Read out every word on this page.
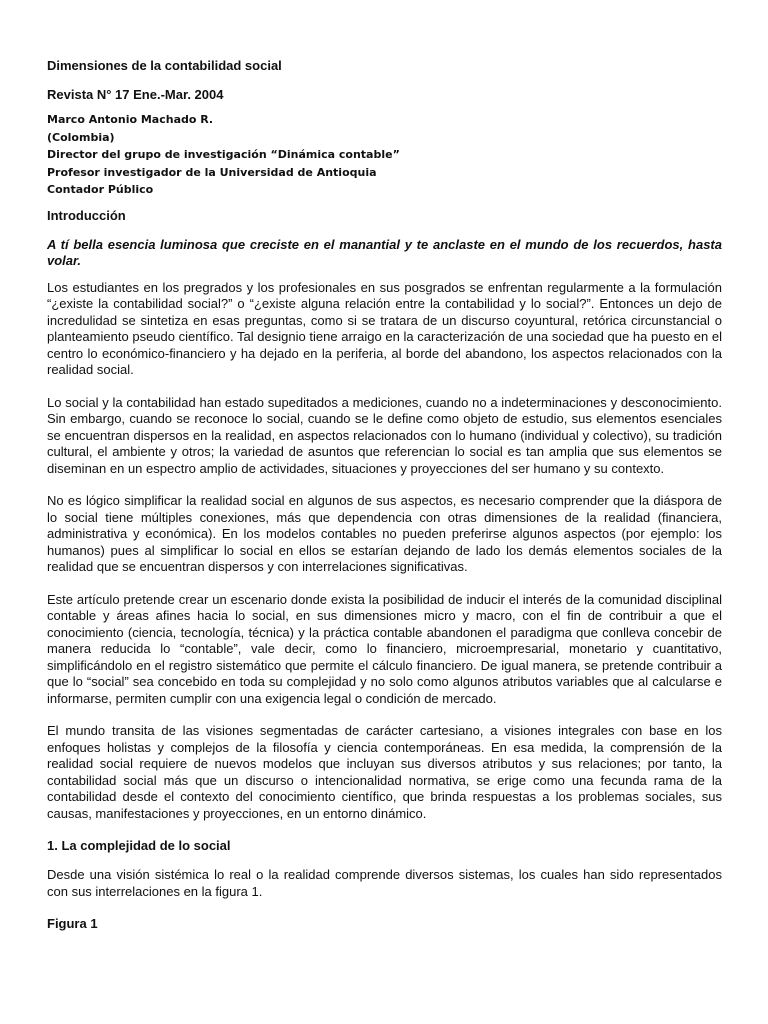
Dimensiones de la contabilidad social

Revista N° 17 Ene.-Mar. 2004

Marco Antonio Machado R.
(Colombia)
Director del grupo de investigación “Dinámica contable”
Profesor investigador de la Universidad de Antioquia
Contador Público

Introducción

A tí bella esencia luminosa que creciste en el manantial y te anclaste en el mundo de los recuerdos, hasta volar.

Los estudiantes en los pregrados y los profesionales en sus posgrados se enfrentan regularmente a la formulación “¿existe la contabilidad social?” o “¿existe alguna relación entre la contabilidad y lo social?”. Entonces un dejo de incredulidad se sintetiza en esas preguntas, como si se tratara de un discurso coyuntural, retórica circunstancial o planteamiento pseudo científico. Tal designio tiene arraigo en la caracterización de una sociedad que ha puesto en el centro lo económico-financiero y ha dejado en la periferia, al borde del abandono, los aspectos relacionados con la realidad social.

Lo social y la contabilidad han estado supeditados a mediciones, cuando no a indeterminaciones y desconocimiento. Sin embargo, cuando se reconoce lo social, cuando se le define como objeto de estudio, sus elementos esenciales se encuentran dispersos en la realidad, en aspectos relacionados con lo humano (individual y colectivo), su tradición cultural, el ambiente y otros; la variedad de asuntos que referencian lo social es tan amplia que sus elementos se diseminan en un espectro amplio de actividades, situaciones y proyecciones del ser humano y su contexto.

No es lógico simplificar la realidad social en algunos de sus aspectos, es necesario comprender que la diáspora de lo social tiene múltiples conexiones, más que dependencia con otras dimensiones de la realidad (financiera, administrativa y económica). En los modelos contables no pueden preferirse algunos aspectos (por ejemplo: los humanos) pues al simplificar lo social en ellos se estarían dejando de lado los demás elementos sociales de la realidad que se encuentran dispersos y con interrelaciones significativas.

Este artículo pretende crear un escenario donde exista la posibilidad de inducir el interés de la comunidad disciplinal contable y áreas afines hacia lo social, en sus dimensiones micro y macro, con el fin de contribuir a que el conocimiento (ciencia, tecnología, técnica) y la práctica contable abandonen el paradigma que conlleva concebir de manera reducida lo “contable”, vale decir, como lo financiero, microempresarial, monetario y cuantitativo, simplificándolo en el registro sistemático que permite el cálculo financiero. De igual manera, se pretende contribuir a que lo “social” sea concebido en toda su complejidad y no solo como algunos atributos variables que al calcularse e informarse, permiten cumplir con una exigencia legal o condición de mercado.

El mundo transita de las visiones segmentadas de carácter cartesiano, a visiones integrales con base en los enfoques holistas y complejos de la filosofía y ciencia contemporáneas. En esa medida, la comprensión de la realidad social requiere de nuevos modelos que incluyan sus diversos atributos y sus relaciones; por tanto, la contabilidad social más que un discurso o intencionalidad normativa, se erige como una fecunda rama de la contabilidad desde el contexto del conocimiento científico, que brinda respuestas a los problemas sociales, sus causas, manifestaciones y proyecciones, en un entorno dinámico.

1. La complejidad de lo social

Desde una visión sistémica lo real o la realidad comprende diversos sistemas, los cuales han sido representados con sus interrelaciones en la figura 1.

Figura 1
